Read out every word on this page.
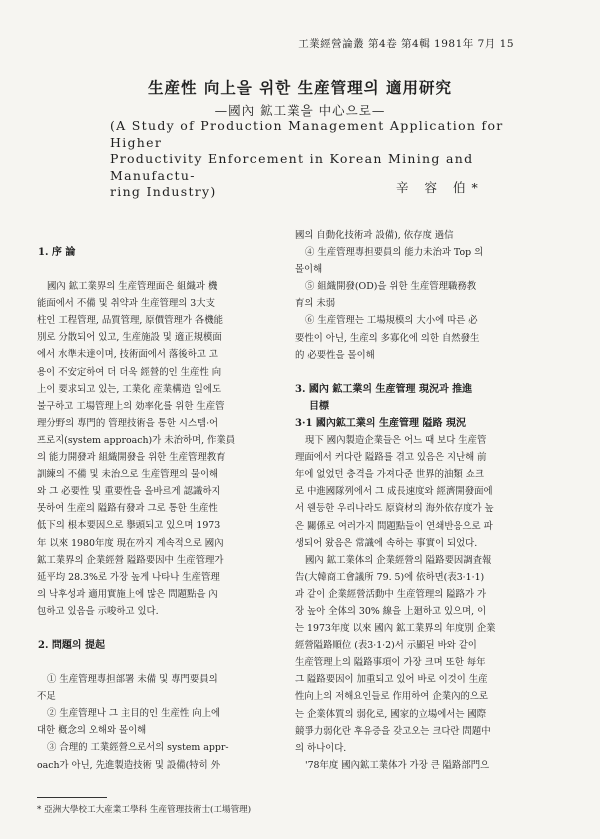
工業經營論叢 第4卷 第4輯 1981年 7月 15
生産性 向上을 위한 生産管理의 適用研究
—國內 鉱工業을 中心으로—
(A Study of Production Management Application for Higher
Productivity Enforcement in Korean Mining and Manufactu-
ring Industry)	辛 容 伯*

1. 序 論

國內 鉱工業界의 生産管理面은 組織과 機

能面에서 不備 및 취약과 生産管理의 3大支

柱인 工程管理, 品質管理, 原價管理가 各機能

別로 分散되어 있고, 生産施設 및 適正規模面

에서 水準未達이며, 技術面에서 落後하고 고

용이 不安定하여 더 더욱 經營的인 生産性 向

上이 要求되고 있는, 工業化 産業構造 일에도

불구하고 工場管理上의 効率化를 위한 生産管

理分野의 專門的 管理技術을 통한 시스템·어

프로지(system approach)가 未治하며, 作業員

의 能力開發과 組織開發을 위한 生産管理教育

訓練의 不備 및 未治으로 生産管理의 물이해

와 그 必要性 및 重要性을 올바르게 認識하지

못하여 生産의 隘路有發과 그로 통한 生産性

低下의 根本要因으로 擧頭되고 있으며 1973

年 以來 1980年度 現在까지 계속적으로 國內

鉱工業界의 企業經營 隘路要因中 生産管理가

延平均 28.3%로 가장 높게 나타나 生産管理

의 낙후성과 適用實施上에 많은 問題點을 內

包하고 있음을 示唆하고 있다.

2. 問題의 提起

① 生産管理專担部署 未備 및 專門要員의

不足

② 生産管理나 그 主目的인 生産性 向上에

대한 槪念의 오해와 몰이해

③ 合理的 工業經營으로서의 system appr-

oach가 아닌, 先進製造技術 및 設備(特히 外

國의 自動化技術과 設備), 依存度 過信

④ 生産管理專担要員의 能力未治과 Top 의

몰이해

⑤ 組織開發(OD)을 위한 生産管理職務教

育의 未弱

⑥ 生産管理는 工場規模의 大小에 따른 必

要性이 아닌, 生産의 多寡化에 의한 自然發生

的 必要性을 몰이해

3. 國內 鉱工業의 生産管理 現況과 推進

目標

3·1 國內鉱工業의 生産管理 隘路 現況

現下 國內製造企業들은 어느 때 보다 生産管

理面에서 커다란 隘路를 겪고 있음은 지난해 前

年에 없었던 충격을 가져다준 世界的油類 쇼크

로 中進國隊列에서 그 成長速度와 經濟開發面에

서 웬등한 우리나라도 原資材의 海外依存度가 높

은 關係로 여러가지 問題點들이 연쇄반응으로 파

생되어 왔음은 常識에 속하는 事實이 되었다.

國內 鉱工業体의 企業經營의 隘路要因調査報

告(大韓商工會議所 79. 5)에 依하면(表3·1·1)

과 같이 企業經營活動中 生産管理의 隘路가 가

장 높아 全体의 30% 線을 上廻하고 있으며, 이

는 1973年度 以來 國內 鉱工業界의 年度別 企業

經營隘路順位 (表3·1·2)서 示顯된 바와 같이

生産管理上의 隘路事項이 가장 크며 또한 每年

그 隘路要因이 加重되고 있어 바로 이것이 生産

性向上의 저해요인들로 作用하여 企業內的으로

는 企業体質의 弱化로, 國家的立場에서는 國際

競爭力弱化란 후유증을 갖고오는 크다란 問題中

의 하나이다.

'78年度 國內鉱工業体가 가장 큰 隘路部門으

* 亞洲大學校工大産業工學科 生産管理技術士(工場管理)
